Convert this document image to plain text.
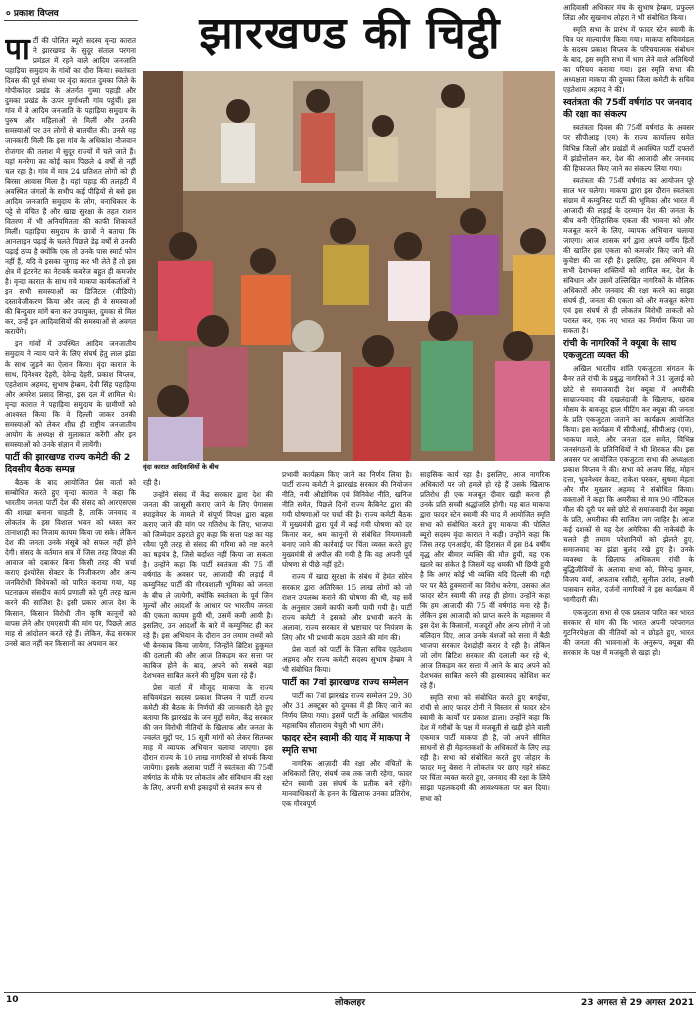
० प्रकाश विप्लव	झारखण्ड की चिट्ठी

पार्टी की पोलित ब्यूरो सदस्य वृन्दा कारात ने झारखण्ड के सुदूर संताल परगना प्रमंडल में रहने वाले आदिम जनजाति पहाड़िया समुदाय के गांवों का दौरा किया। स्वतंत्रता दिवस की पूर्व संध्या पर वृंदा कारात दुमका जिले के गोपीकांदर प्रखंड के अंतर्गत गुम्मा पहाड़ी और दुमका प्रखंड के ऊपर मुर्गाथली गांव पहुंचीं। इस गांव में वे आदिम जनजाति के पहाड़िया समुदाय के पुरुष और महिलाओं से मिलीं और उनकी समस्याओं पर उन लोगों से बातचीत की। उनसे यह जानकारी मिली कि इस गांव के अधिकांश नौजवान रोजगार की तलाश में सुदूर राज्यों में चले जाते हैं। यहां मनरेगा का कोई काम पिछले 4 वर्षों से नहीं चल रहा है। गांव में मात्र 24 प्रतिशत लोगों को ही बिरसा आवास मिला है। यहां पहाड़ की तलहटी में अवस्थित जंगलों के सभीप कई पीढ़ियों से बसे इस आदिम जनजाति समुदाय के लोग, वनाधिकार के पट्टे से वंचित हैं और खाद्य सुरक्षा के तहत राशन वितरण में भी अनियमितता की काफी शिकायतें मिलीं। पहाड़िया समुदाय के छात्रों ने बताया कि आनलाइन पढ़ाई के चलते पिछले डेढ़ वर्षों से उनकी पढ़ाई ठप्प है क्योंकि एक तो उनके पास स्मार्ट फोन नहीं हैं, यदि वे इसका जुगाड़ कर भी लेते हैं तो इस क्षेत्र में इंटरनेट का नेटवर्क कवरेज बहुत ही कमजोर है। वृन्दा कारात के साथ गये माकपा कार्यकर्ताओं ने इन सभी समस्याओं का डिजिटल (वीडियो) दस्तावेजीकरण किया और जल्द ही वे समस्याओं की बिन्दुवार मांगें बना कर उपायुक्त, दुमका से मिल कर, उन्हें इन आदिवासियों की समस्याओं से अवगत करायेंगे।

इन गांवों में उपस्थित आदिम जनजातीय समुदाय ने न्याय पाने के लिए संघर्ष हेतु लाल झंडा के साथ जुड़ने का ऐलान किया। वृंदा कारात के साथ, दिनेश्वर देहरी, देवेन्द्र देहरी, प्रकाश विप्लव, एहतेशाम अहमद, सुभाष हेम्ब्रम, देवी सिंह पहाड़िया और अमरेश प्रसाद सिन्हा, इस दल में शामिल थे। वृन्दा कारात ने पहाड़िया समुदाय के ग्रामीणों को आश्वस्त किया कि वे दिल्ली जाकर उनकी समस्याओं को लेकर शीघ्र ही राष्ट्रीय जनजातीय आयोग के अध्यक्ष से मुलाकात करेंगी और इन समस्याओं को उनके संज्ञान में लायेंगी।

पार्टी की झारखण्ड राज्य कमेटी की 2 दिवसीय बैठक सम्पन्न

बैठक के बाद आयोजित प्रेस वार्ता को सम्बोधित करते हुए वृन्दा कारात ने कहा कि भारतीय जनता पार्टी देश की संसद को आरएसएस की शाखा बनाना चाहती है, ताकि जनवाद व लोकतंत्र के इस विशाल भवन को ध्वस्त कर तानाशाही का निजाम कायम किया जा सके। लेकिन देश की जनता उनके मंसूबे को सफल नहीं होने देगी। संसद के वर्तमान सत्र में जिस तरह विपक्ष की आवाज को दबाकर बिना किसी तरह की चर्चा कराए इंश्योरेंस सेक्टर के निजीकरण और अन्य जनविरोधी विधेयकों को पारित कराया गया, यह घटनाक्रम संसदीय कार्य प्रणाली को पूरी तरह खत्म करने की साजिश है। इसी प्रकार आज देश के किसान, किसान विरोधी तीन कृषि कानूनों को वापस लेने और एमएसपी की मांग पर, पिछले आठ माह से आंदोलन करते रहे हैं। लेकिन, केंद्र सरकार उनसे बात नहीं कर किसानों का अपमान कर

वृंदा कारात आदिवासियों के बीच

रही है।

उन्होंने संसद में केंद्र सरकार द्वारा देश की जनता की जासूसी कराए जाने के लिए पेगासस स्पाइवेयर के मामले में संपूर्ण विपक्ष द्वारा बहस कराए जाने की मांग पर गतिरोध के लिए, भाजपा को जिम्मेदार ठहराते हुए कहा कि सत्ता पक्ष का यह रवैया पूरी तरह से संसद की गरिमा को नष्ट करने का षड़यंत्र है, जिसे बर्दाश्त नहीं किया जा सकता है। उन्होंने कहा कि पार्टी स्वतंत्रता की 75 वीं वर्षगांठ के अवसर पर, आजादी की लड़ाई में कम्युनिस्ट पार्टी की गौरवशाली भूमिका को जनता के बीच ले जायेगी, क्योंकि स्वतंत्रता के पूर्व जिन मूल्यों और आदर्शों के आधार पर भारतीय जनता की एकता कायम हुयी थी, उसमें कमी आयी है। इसलिए, उन आदर्शों के बारे में कम्युनिस्ट ही कर रहे हैं। इस अभियान के दौरान उन तमाम तथ्यों को भी बेनकाब किया जायेगा, जिन्होंने ब्रिटिश हुकूमत की दलाली की और आज तिकड़म कर सत्ता पर काबिज होने के बाद, अपने को सबसे बड़ा देशभक्त साबित करने की मुहिम चला रहे हैं।

प्रेस वार्ता में मौजूद माकपा के राज्य सचिवमंडल सदस्य प्रकाश विप्लव ने पार्टी राज्य कमेटी की बैठक के निर्णयों की जानकारी देते हुए बताया कि झारखंड के जन मुद्दों समेत, केंद्र सरकार की जन विरोधी नीतियों के खिलाफ और जनता के ज्वलंत मुद्दों पर, 15 सूत्री मांगों को लेकर सितम्बर माह में व्यापक अभियान चलाया जाएगा। इस दौरान राज्य के 10 लाख नागरिकों से संपर्क किया जायेगा। इसके अलावा पार्टी ने स्वतंत्रता की 75वीं वर्षगांठ के मौके पर लोकतंत्र और संविधान की रक्षा के लिए, अपनी सभी इकाइयों से स्वतंत्र रूप से

प्रभावी कार्यक्रम किए जाने का निर्णय लिया है। पार्टी राज्य कमेटी ने झारखंड सरकार की नियोजन नीति, नयी औद्योगिक एवं विनिवेश नीति, खनिज नीति समेत, पिछले दिनों राज्य कैबिनेट द्वारा की गयी घोषणाओं पर चर्चा की है। राज्य कमेटी बैठक में मुख्यमंत्री द्वारा पूर्व में कई गयी घोषणा को दर किनार कर, श्रम कानूनों से संबंधित नियमावली बनाए जाने की कार्रवाई पर चिंता व्यक्त करते हुए मुख्यमंत्री से अपील की गयी है कि वह अपनी पूर्व घोषणा से पीछे नहीं हटें।

राज्य में खाद्य सुरक्षा के संबंध में हेमंत सोरेन सरकार द्वारा अतिरिक्त 15 लाख लोगों को जो राशन उपलब्ध कराने की घोषणा की थी, वह सर्वे के अनुसार उसमें काफी कमी पायी गयी है। पार्टी राज्य कमेटी ने इसको और प्रभावी करने के अलावा, राज्य सरकार से भ्रष्टाचार पर नियंत्रण के लिए और भी प्रभावी कदम उठाने की मांग की।

प्रेस वार्ता को पार्टी के जिला सचिव एहतेशाम अहमद और राज्य कमेटी सदस्य सुभाष हेम्ब्रम ने भी संबोधित किया।

पार्टी का 7वां झारखण्ड राज्य सम्मेलन

पार्टी का 7वां झारखंड राज्य सम्मेलन 29, 30 और 31 अक्टूबर को दुमका में ही किए जाने का निर्णय लिया गया। इसमें पार्टी के अखिल भारतीय महासचिव सीताराम येचुरी भी भाग लेंगे।

फादर स्टेन स्वामी की याद में माकपा ने स्मृति सभा

नागरिक आज़ादी की रक्षा और वंचितों के अधिकारों लिए, संघर्ष जब तक जारी रहेगा, फादर स्टेन स्वामी उस संघर्ष के प्रतीक बने रहेंगे। मानवाधिकारों के हनन के खिलाफ उनका प्रतिरोध, एक गौरवपूर्ण

साहसिक कार्य रहा है। इसलिए, आज नागरिक अधिकारों पर जो हमले हो रहे हैं उसके खिलाफ प्रतिरोध ही एक मजबूत दीवार खड़ी करना ही उनके प्रति सच्ची श्रद्धांजलि होगी। यह बात माकपा द्वारा फादर स्टेन स्वामी की याद में आयोजित स्मृति सभा को संबोधित करते हुए माकपा की पोलित ब्यूरो सदस्य वृंदा कारात ने कही। उन्होंने कहा कि जिस तरह एनआईए, की हिरासत में इस 84 वर्षीय वृद्ध और बीमार व्यक्ति की मौत हुयी, यह एक खतरे का संकेत है जिसमें यह धमकी भी छिपी हुयी है कि अगर कोई भी व्यक्ति यदि दिल्ली की गद्दी पर पर बैठे हुक्मरानों का विरोध करेगा, उसका अंत फादर स्टेन स्वामी की तरह ही होगा। उन्होंने कहा कि हम आजादी की 75 वीं वर्षगांठ मना रहे हैं। लेकिन इस आजादी को प्राप्त करने के महासमर में इस देश के किसानों, मजदूरों और अन्य लोगों ने जो बलिदान दिए, आज उनके वंशजों को सत्ता में बैठी भाजपा सरकार देशद्रोही करार दे रही है। लेकिन जो लोग ब्रिटिश सरकार की दलाली कर रहे थे, आज तिकड़म कर सत्ता में आने के बाद अपने को देशभक्त साबित करने की हास्यास्पद कोशिश कर रहे हैं।

स्मृति सभा को संबोधित करते हुए बगईचा, रांची से आए फादर टोनी ने विस्तार से फादर स्टेन स्वामी के कार्यों पर प्रकाश डाला। उन्होंने कहा कि देश में गरीबों के पक्ष में मजबूती से खड़ी होने वाली एकमात्र पार्टी माकपा ही है, जो अपने सीमित साधनों से ही मेहनतकशों के अधिकारों के लिए लड़ रही है। सभा को संबोधित करते हुए जोहार के फादर मनु बेसरा ने लोकतंत्र पर छाए गहरे संकट पर चिंता व्यक्त करते हुए, जनवाद की रक्षा के लिये साझा पहलकदमी की आवश्यकता पर बल दिया। सभा को

आदिवासी अधिकार मंच के सुभाष हेम्ब्रम, प्रफुल्ल लिंडा और सुखनाथ लोहरा ने भी संबोधित किया।

स्मृति सभा के प्रारंभ में फादर स्टेन स्वामी के चित्र पर माल्यार्पण किया गया। माकपा सचिवमंडल के सदस्य प्रकाश विप्लव के परिचयात्मक संबोधन के बाद, इस स्मृति सभा में भाग लेने वाले अतिथियों का परिचय कराया गया। इस स्मृति सभा की अध्यक्षता माकपा की दुमका जिला कमेटी के सचिव एहतेशाम अहमद ने की।

स्वतंत्रता की 75वीं वर्षगांठ पर जनवाद की रक्षा का संकल्प

स्वतंत्रता दिवस की 75वीं वर्षगांठ के अवसर पर सीपीआइ (एम) के राज्य कार्यालय समेत विभिन्न जिलों और प्रखंडों में अवस्थित पार्टी दफ्तरों में झंडोत्तोलन कर, देश की आजादी और जनवाद की हिफाजत किए जाने का संकल्प लिया गया।

स्वतंत्रता की 75वीं वर्षगांठ का आयोजन पूरे साल भर चलेगा। माकपा द्वारा इस दौरान स्वतंत्रता संग्राम में कम्युनिस्ट पार्टी की भूमिका और भारत में आजादी की लड़ाई के दरम्यान देश की जनता के बीच बनी ऐतिहासिक एकता की भावना को और मजबूत करने के लिए, व्यापक अभियान चलाया जाएगा। आज शासक वर्ग द्वारा अपने वर्गीय हितों की खातिर इस एकता को कमजोर किए जाने की कुचेष्टा की जा रही है। इसलिए, इस अभियान में सभी देशभक्त शक्तियों को शामिल कर, देश के संविधान और उसमें उल्लिखित नागरिकों के मौलिक अधिकारों और जनवाद की रक्षा करने का साझा संघर्ष ही, जनता की एकता को और मजबूत करेगा एवं इस संघर्ष से ही लोकतंत्र विरोधी ताकतों को परास्त कर, एक नए भारत का निर्माण किया जा सकता है।

रांची के नागरिकों ने क्यूबा के साथ एकजुटता व्यक्त की

अखिल भारतीय शांति एकजुटता संगठन के बैनर तले रांची के प्रबुद्ध नागरिकों ने 31 जुलाई को छोटे से समाजवादी देश क्यूबा में अमरीकी साम्राज्यवाद की दखलंदाजी के खिलाफ, खराब मौसम के बावजूद हाल मीटिंग कर क्यूबा की जनता के प्रति एकजुटता जताने का कार्यक्रम आयोजित किया। इस कार्यक्रम में सीपीआई, सीपीआइ (एम), भाकपा माले, और जनता दल समेत, विभिन्न जनसंगठनों के प्रतिनिधियों ने भी शिरकत की। इस अवसर पर आयोजित एकजुटता सभा की अध्यक्षता प्रकाश विप्लव ने की। सभा को अजय सिंह, मोहन दत्ता, भुवनेश्वर केवट, राकेश घरकर, सुषमा मेहता और मीर मुख्तार अहमद ने संबोधित किया। वक्ताओं ने कहा कि अमरीका से मात्र 90 नॉटिकल मील की दूरी पर बसे छोटे से समाजवादी देश क्यूबा के प्रति, अमरीका की साजिश जग जाहिर है। आज कई दशकों से यह देश अमेरिका की नाकेबंदी के चलते ही तमाम परेशानियों को झेलते हुए, समाजवाद का झंडा बुलंद रखे हुए है। उनके व्यवस्था के खिलाफ अधिकतम रांची के बुद्धिजीवियों के अलावा सभा को, विरेन्द्र कुमार, विजय वर्मा, अफताब रसीदी, सुनील उरांव, लक्ष्मी पासवान समेत, दर्जनों नागरिकों ने इस कार्यक्रम में भागीदारी की।

एकजुटता सभा से एक प्रस्ताव पारित कर भारत सरकार से मांग की कि भारत अपनी परंपरागत गुटनिरपेक्षता की नीतियों को न छोड़ते हुए, भारत की जनता की भावनाओं के अनुरूप, क्यूबा की सरकार के पक्ष में मजबूती से खड़ा हो।

10	लोकलहर	23 अगस्त से 29 अगस्त 2021
